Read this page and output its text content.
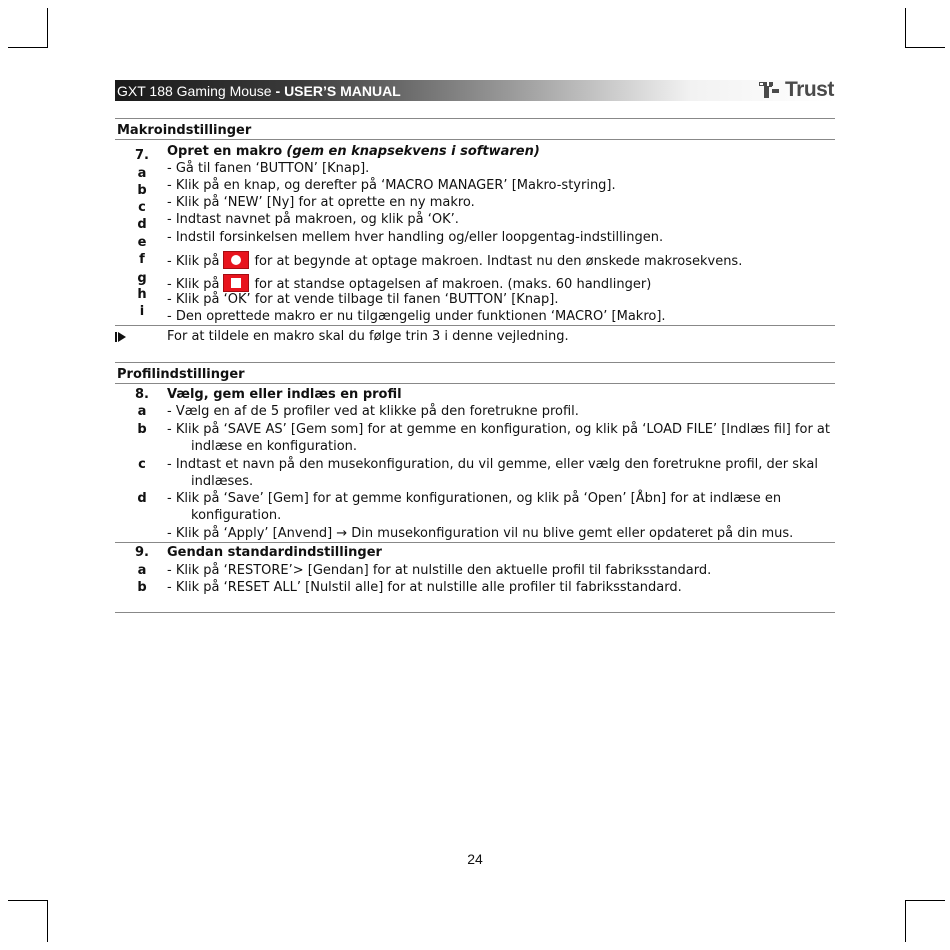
GXT 188 Gaming Mouse - USER’S MANUAL	Trust
Makroindstillinger
7.	Opret en makro (gem en knapsekvens i softwaren)
a	- Gå til fanen ‘BUTTON’ [Knap].
b	- Klik på en knap, og derefter på ‘MACRO MANAGER’ [Makro-styring].
c	- Klik på ‘NEW’ [Ny] for at oprette en ny makro.
d	- Indtast navnet på makroen, og klik på ‘OK’.
e	- Indstil forsinkelsen mellem hver handling og/eller loopgentag-indstillingen.
f	- Klik på	for at begynde at optage makroen. Indtast nu den ønskede makrosekvens.
g	- Klik på	for at standse optagelsen af makroen. (maks. 60 handlinger)
h	- Klik på ‘OK’ for at vende tilbage til fanen ‘BUTTON’ [Knap].
i	- Den oprettede makro er nu tilgængelig under funktionen ‘MACRO’ [Makro].
For at tildele en makro skal du følge trin 3 i denne vejledning.
Profilindstillinger
8.	Vælg, gem eller indlæs en profil
a	- Vælg en af de 5 profiler ved at klikke på den foretrukne profil.
b	- Klik på ‘SAVE AS’ [Gem som] for at gemme en konfiguration, og klik på ‘LOAD FILE’ [Indlæs fil] for at indlæse en konfiguration.
c	- Indtast et navn på den musekonfiguration, du vil gemme, eller vælg den foretrukne profil, der skal indlæses.
d	- Klik på ‘Save’ [Gem] for at gemme konfigurationen, og klik på ‘Open’ [Åbn] for at indlæse en konfiguration.
- Klik på ‘Apply’ [Anvend] → Din musekonfiguration vil nu blive gemt eller opdateret på din mus.
9.	Gendan standardindstillinger
a	- Klik på ‘RESTORE’> [Gendan] for at nulstille den aktuelle profil til fabriksstandard.
b	- Klik på ‘RESET ALL’ [Nulstil alle] for at nulstille alle profiler til fabriksstandard.
24
